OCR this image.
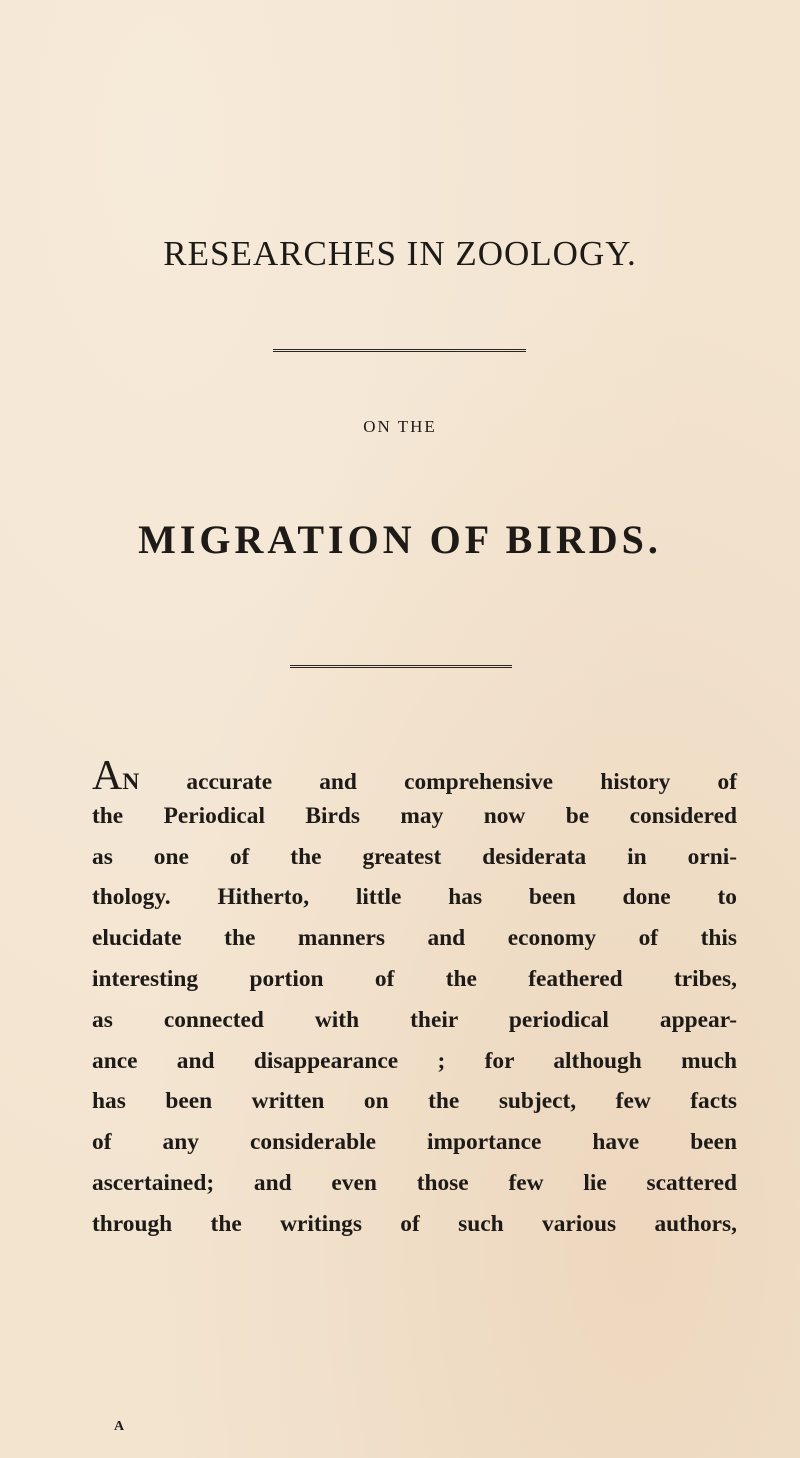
RESEARCHES IN ZOOLOGY.
ON THE
MIGRATION OF BIRDS.
AN accurate and comprehensive history of
the Periodical Birds may now be considered
as one of the greatest desiderata in orni-
thology. Hitherto, little has been done to
elucidate the manners and economy of this
interesting portion of the feathered tribes,
as connected with their periodical appear-
ance and disappearance ; for although much
has been written on the subject, few facts
of any considerable importance have been
ascertained; and even those few lie scattered
through the writings of such various authors,
A
